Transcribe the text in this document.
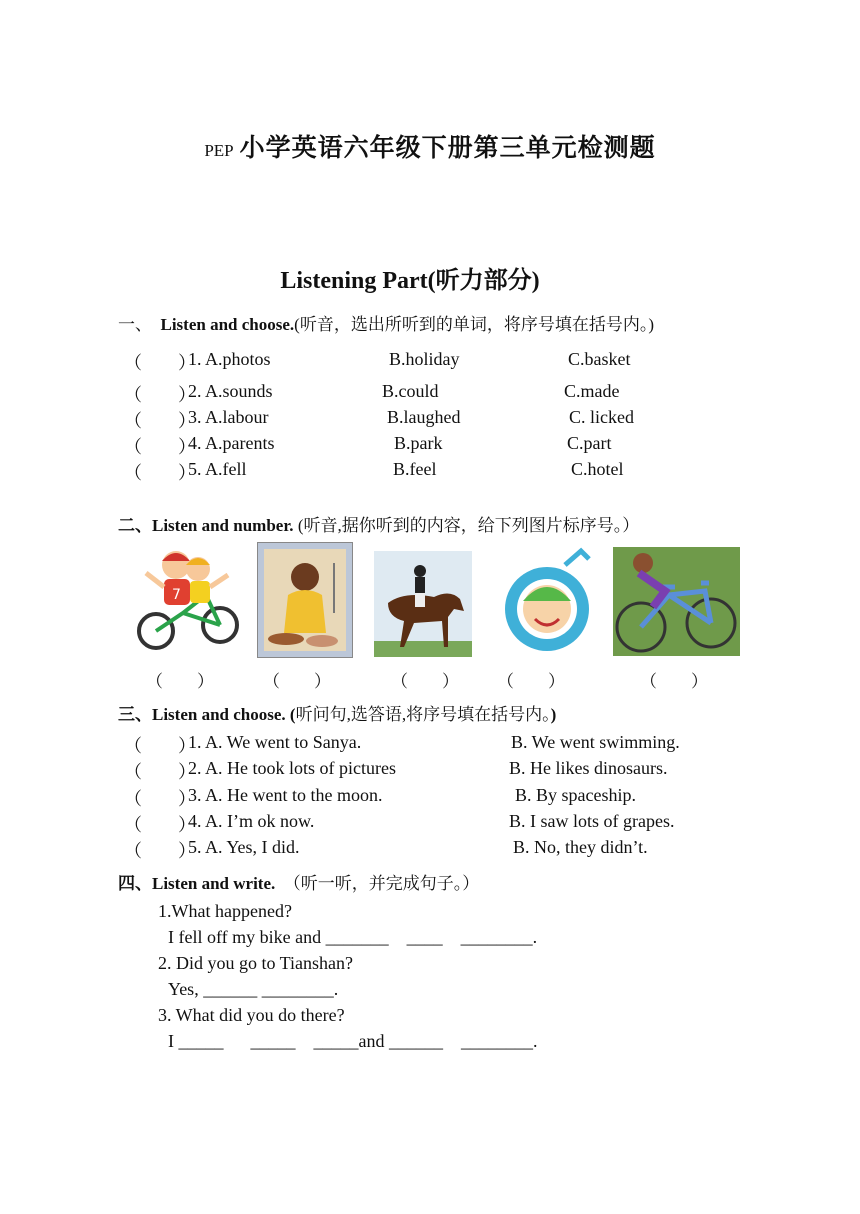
PEP 小学英语六年级下册第三单元检测题
Listening Part(听力部分)
一、 Listen and choose.(听音，选出所听到的单词，将序号填在括号内。)
（　　）
1. A.photos	B.holiday	C.basket
（　　）
2. A.sounds	B.could	C.made
（　　）
3. A.labour	B.laughed	C. licked
（　　）
4. A.parents	B.park	C.part
（　　）
5. A.fell	B.feel	C.hotel
二、Listen and number. (听音,据你听到的内容，给下列图片标序号。）
7
（　　）	（　　）	（　　） （　　）	（　　）
三、Listen and choose. (听问句,选答语,将序号填在括号内。)
（　　）
1. A. We went to Sanya.	B. We went swimming.
（　　）
2. A. He took lots of pictures	B. He likes dinosaurs.
（　　）
3. A. He went to the moon.	B. By spaceship.
（　　）
4. A. I’m ok now.	B. I saw lots of grapes.
（　　）
5. A. Yes, I did.	B. No, they didn’t.
四、Listen and write. （听一听，并完成句子。）
1.What happened?
I fell off my bike and _______    ____    ________.
2. Did you go to Tianshan?
Yes, ______ ________.
3. What did you do there?
I _____      _____    _____and ______    ________.
